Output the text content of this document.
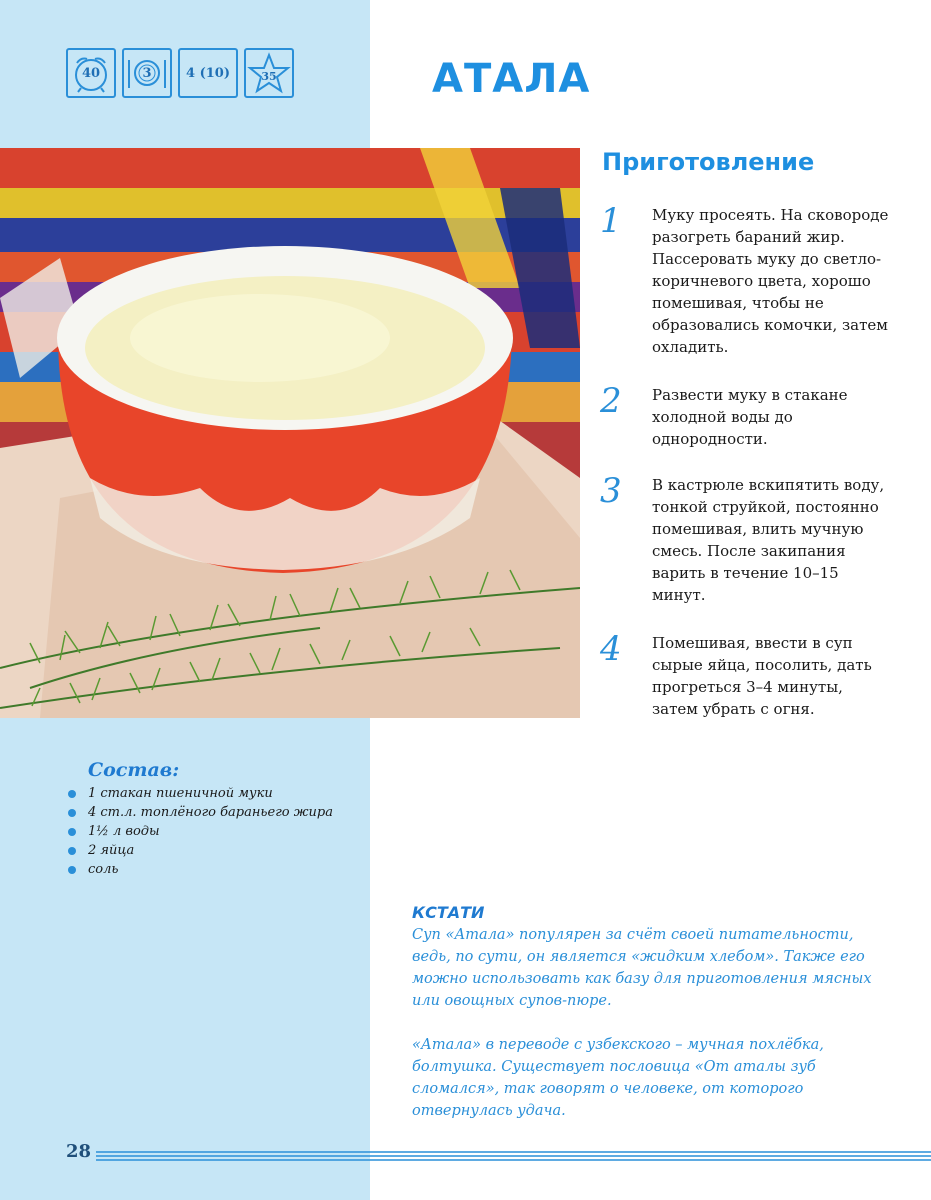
40	3	4 (10)	35	АТАЛА
Приготовление
1 Муку просеять. На сковороде разогреть бараний жир. Пассеровать муку до светло-коричневого цвета, хорошо помешивая, чтобы не образовались комочки, затем охладить.
2 Развести муку в стакане холодной воды до однородности.
3 В кастрюле вскипятить воду, тонкой струйкой, постоянно помешивая, влить мучную смесь. После закипания варить в течение 10–15 минут.
4 Помешивая, ввести в суп сырые яйца, посолить, дать прогреться 3–4 минуты, затем убрать с огня.
Состав:
1 стакан пшеничной муки
4 ст.л. топлёного бараньего жира
1½ л воды
2 яйца
соль
КСТАТИ

Суп «Атала» популярен за счёт своей питательности, ведь, по сути, он является «жидким хлебом». Также его можно использовать как базу для приготовления мясных или овощных супов-пюре.

«Атала» в переводе с узбекского – мучная похлёбка, болтушка. Существует пословица «От аталы зуб сломался», так говорят о человеке, от которого отвернулась удача.

28
